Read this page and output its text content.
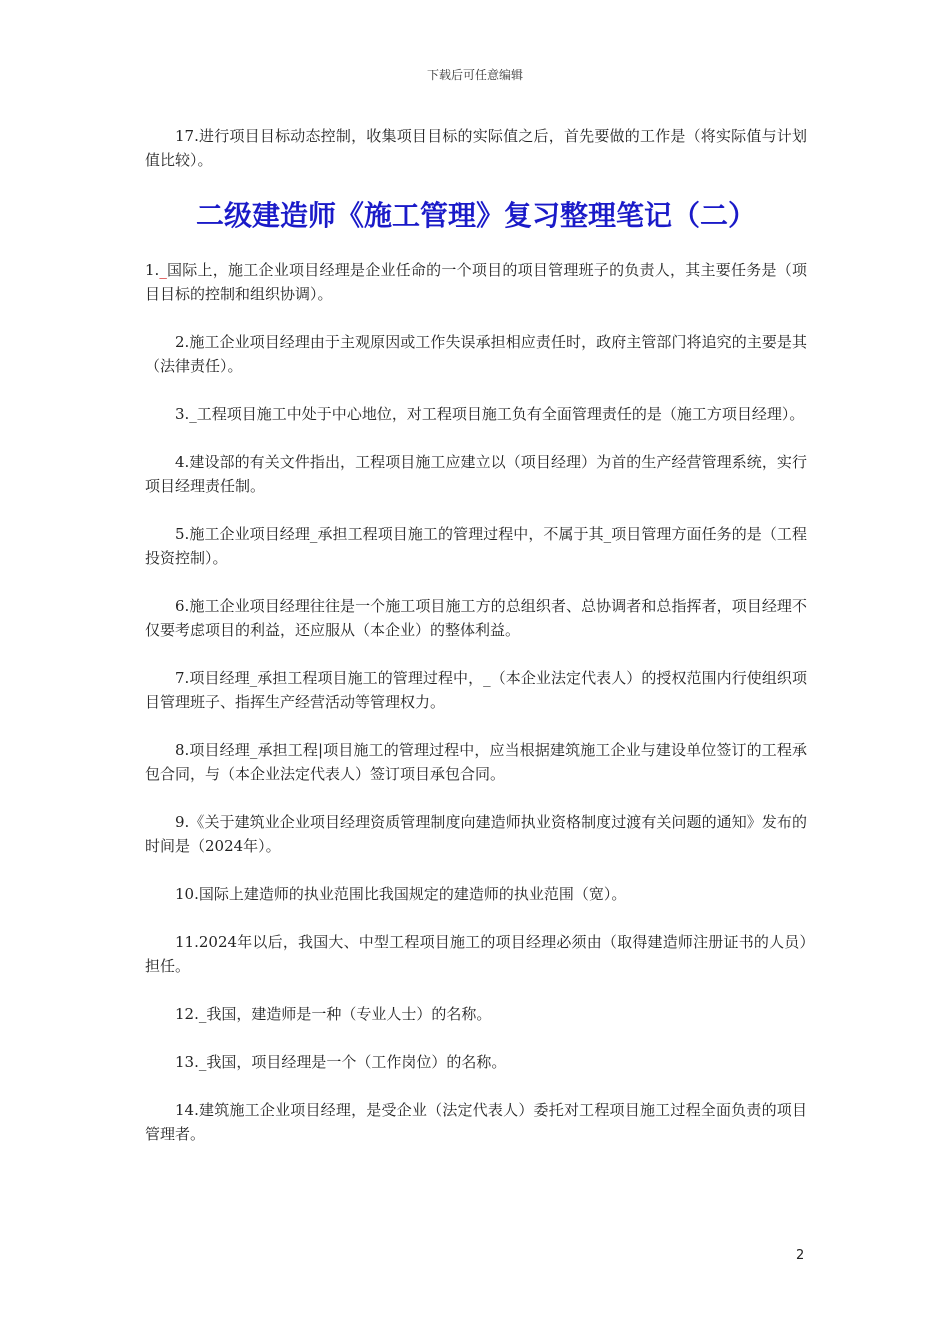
下载后可任意编辑

17.进行项目目标动态控制，收集项目目标的实际值之后，首先要做的工作是（将实际值与计划值比较）。

二级建造师《施工管理》复习整理笔记（二）

1._国际上，施工企业项目经理是企业任命的一个项目的项目管理班子的负责人，其主要任务是（项目目标的控制和组织协调）。

2.施工企业项目经理由于主观原因或工作失误承担相应责任时，政府主管部门将追究的主要是其（法律责任）。

3._工程项目施工中处于中心地位，对工程项目施工负有全面管理责任的是（施工方项目经理）。

4.建设部的有关文件指出，工程项目施工应建立以（项目经理）为首的生产经营管理系统，实行项目经理责任制。

5.施工企业项目经理_承担工程项目施工的管理过程中，不属于其_项目管理方面任务的是（工程投资控制）。

6.施工企业项目经理往往是一个施工项目施工方的总组织者、总协调者和总指挥者，项目经理不仅要考虑项目的利益，还应服从（本企业）的整体利益。

7.项目经理_承担工程项目施工的管理过程中，_（本企业法定代表人）的授权范围内行使组织项目管理班子、指挥生产经营活动等管理权力。

8.项目经理_承担工程|项目施工的管理过程中，应当根据建筑施工企业与建设单位签订的工程承包合同，与（本企业法定代表人）签订项目承包合同。

9.《关于建筑业企业项目经理资质管理制度向建造师执业资格制度过渡有关问题的通知》发布的时间是（2024年）。

10.国际上建造师的执业范围比我国规定的建造师的执业范围（宽）。

11.2024年以后，我国大、中型工程项目施工的项目经理必须由（取得建造师注册证书的人员）担任。

12._我国，建造师是一种（专业人士）的名称。

13._我国，项目经理是一个（工作岗位）的名称。

14.建筑施工企业项目经理，是受企业（法定代表人）委托对工程项目施工过程全面负责的项目管理者。

2
